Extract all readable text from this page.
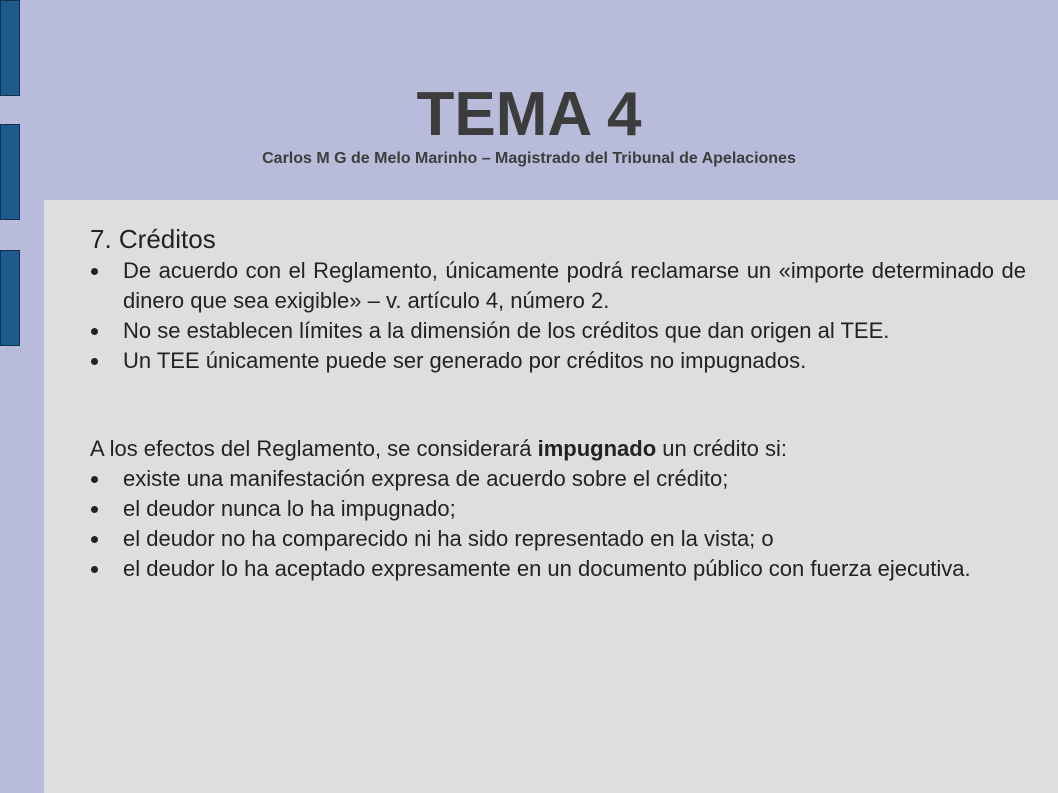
TEMA 4
Carlos M G de Melo Marinho – Magistrado del Tribunal de Apelaciones
7. Créditos
De acuerdo con el Reglamento, únicamente podrá reclamarse un «importe determinado de dinero que sea exigible» – v. artículo 4, número 2.
No se establecen límites a la dimensión de los créditos que dan origen al TEE.
Un TEE únicamente puede ser generado por créditos no impugnados.

A los efectos del Reglamento, se considerará impugnado un crédito si:

existe una manifestación expresa de acuerdo sobre el crédito;
el deudor nunca lo ha impugnado;
el deudor no ha comparecido ni ha sido representado en la vista; o
el deudor lo ha aceptado expresamente en un documento público con fuerza ejecutiva.
